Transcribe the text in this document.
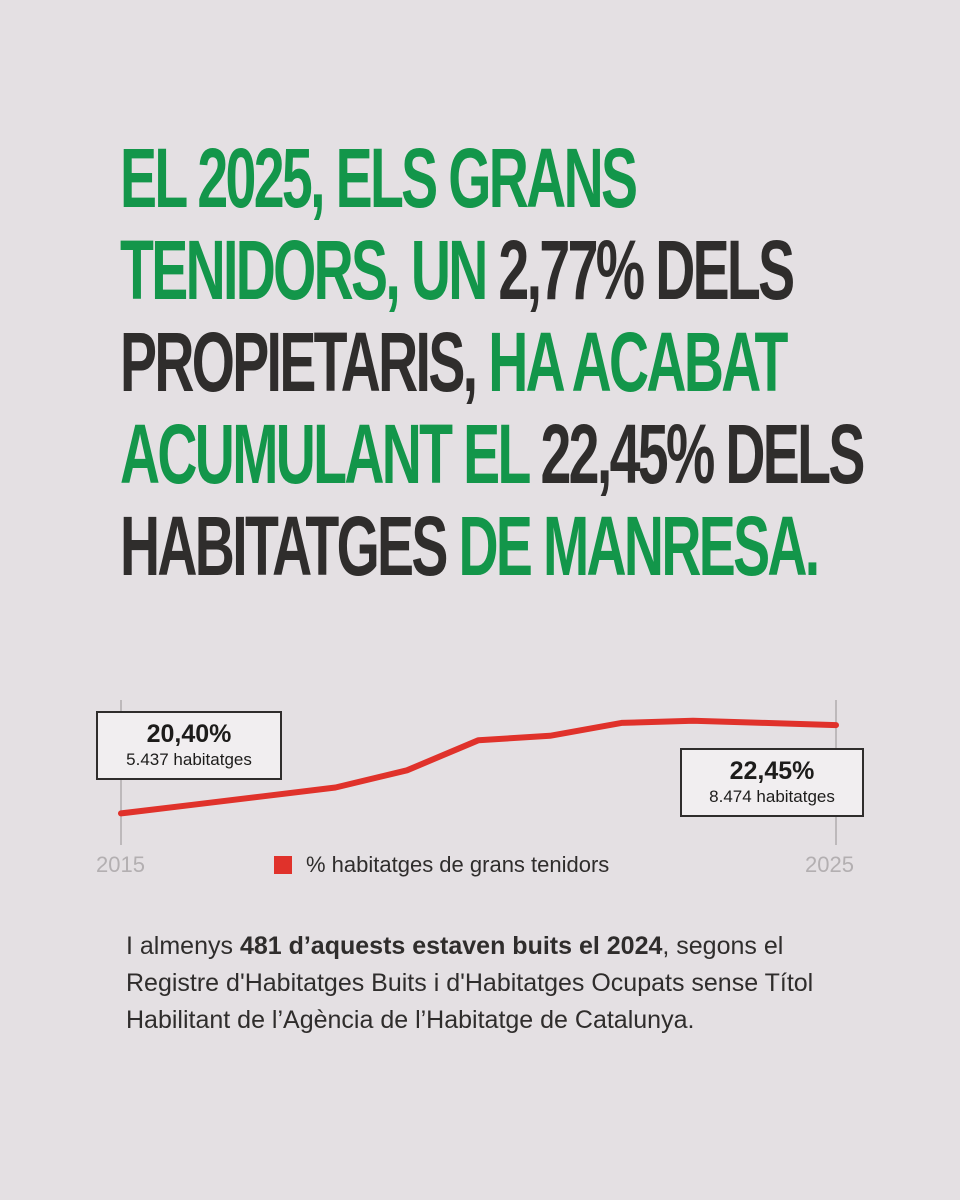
EL 2025, ELS GRANS
TENIDORS, UN 2,77% DELS
PROPIETARIS, HA ACABAT
ACUMULANT EL 22,45% DELS
HABITATGES DE MANRESA.
20,40%
5.437 habitatges	22,45%
8.474 habitatges
2015	2025
% habitatges de grans tenidors
I almenys 481 d’aquests estaven buits el 2024, segons el Registre d'Habitatges Buits i d'Habitatges Ocupats sense Títol Habilitant de l’Agència de l’Habitatge de Catalunya.
